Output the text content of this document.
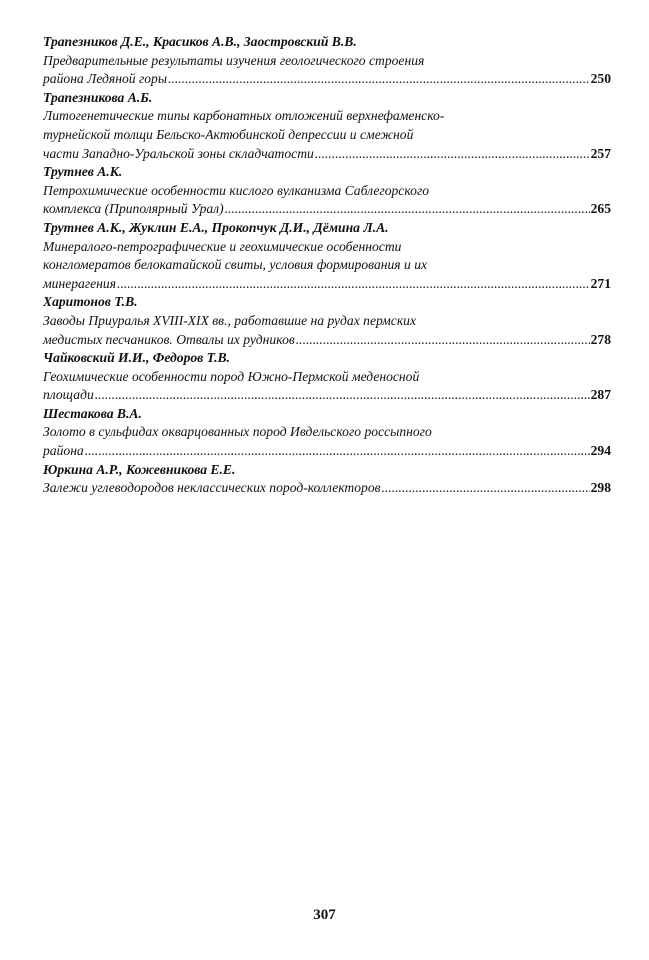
Трапезников Д.Е., Красиков А.В., Заостровский В.В.
Предварительные результаты изучения геологического строения
района Ледяной горы .....	250
Трапезникова А.Б.
Литогенетические типы карбонатных отложений верхнефаменско-
турнейской толщи Бельско-Актюбинской депрессии и смежной
части Западно-Уральской зоны складчатости .....	257
Трутнев А.К.
Петрохимические особенности кислого вулканизма Саблегорского
комплекса (Приполярный Урал) .....	265
Трутнев А.К., Жуклин Е.А., Прокопчук Д.И., Дёмина Л.А.
Минералого-петрографические и геохимические особенности
конгломератов белокатайской свиты, условия формирования и их
минерагения .....	271
Харитонов Т.В.
Заводы Приуралья XVIII-XIX вв., работавшие на рудах пермских
медистых песчаников. Отвалы их рудников .....	278
Чайковский И.И., Федоров Т.В.
Геохимические особенности пород Южно-Пермской меденосной
площади .....	287
Шестакова В.А.
Золото в сульфидах окварцованных пород Ивдельского россыпного
района .....	294
Юркина А.Р., Кожевникова Е.Е.
Залежи углеводородов неклассических пород-коллекторов .....	298
307
